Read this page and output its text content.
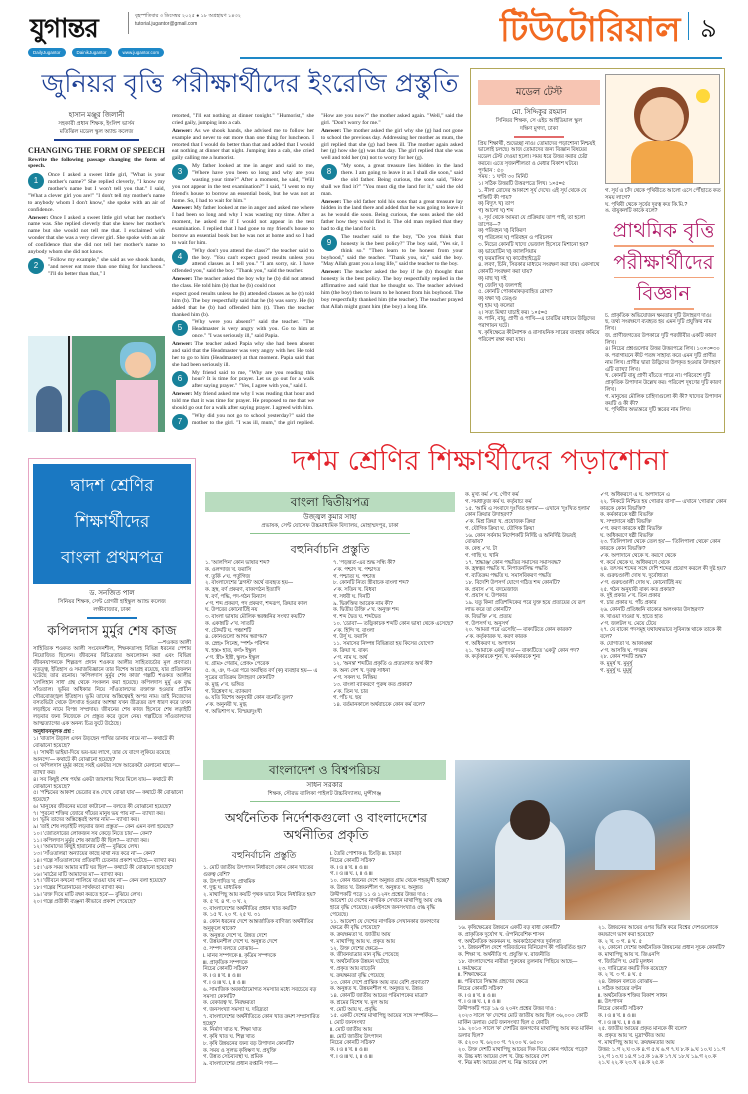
যুগান্তর	বৃহস্পতিবার ৩ ডিসেম্বর ২০২৫ ● ১৮ অগ্রহায়ণ ১৪৩২
tutorial.jugantor@gmail.com
DailyJugantor	DainikJugantor	www.jugantor.com
টিউটোরিয়াল ৯
জুনিয়র বৃত্তি পরীক্ষার্থীদের ইংরেজি প্রস্তুতি
হাসান মঞ্জুর জিলানী
সহকারী প্রধান শিক্ষক, ইংলিশ ভার্সন
মতিঝিল মডেল স্কুল অ্যান্ড কলেজ
CHANGING THE FORM OF SPEECH
Rewrite the following passage changing the form of speech.

1
Once I asked a sweet little girl, "What is your mother's name?" She replied cleverly, "I know my mother's name but I won't tell you that." I said, "What a clever girl you are!" "I don't tell my mother's name to anybody whom I don't know," she spoke with an air of confidence.

Answer: Once I asked a sweet little girl what her mother's name was. She replied cleverly that she knew her mother's name but she would not tell me that. I exclaimed with wonder that she was a very clever girl. She spoke with an air of confidence that she did not tell her mother's name to anybody whom she did not know.

2
"Follow my example," she said as we shook hands, "and never eat more than one thing for luncheon." "I'll do better than that," I

retorted, "I'll eat nothing at dinner tonight." "Humorist," she cried gaily, jumping into a cab.

Answer: As we shook hands, she advised me to follow her example and never to eat more than one thing for luncheon. I retorted that I would do better than that and added that I would eat nothing at dinner that night. Jumping into a cab, she cried gaily calling me a humorist.

3
My father looked at me in anger and said to me, "Where have you been so long and why are you wasting your time?" After a moment, he said, "Will you not appear in the test examination?" I said, "I went to my friend's house to borrow an essential book, but he was not at home. So, I had to wait for him."

Answer: My father looked at me in anger and asked me where I had been so long and why I was wasting my time. After a moment, he asked me if I would not appear in the test examination. I replied that I had gone to my friend's house to borrow an essential book but he was not at home and so I had to wait for him.

4
"Why don't you attend the class?" the teacher said to the boy. "You can't expect good results unless you attend classes as I tell you." "I am sorry, sir. I have offended you," said the boy. "Thank you," said the teacher.

Answer: The teacher asked the boy why he (b) did not attend the class. He told him (b) that he (b) could not

expect good results unless he (b) attended classes as he (t) told him (b). The boy respectfully said that he (b) was sorry. He (b) added that he (b) had offended him (t). Then the teacher thanked him (b).

5
"Why were you absent?" said the teacher. "The Headmaster is very angry with you. Go to him at once." "I was seriously ill," said Papia.

Answer: The teacher asked Papia why she had been absent and said that the Headmaster was very angry with her. He told her to go to him (Headmaster) at that moment. Papia said that she had been seriously ill.

6
My friend said to me, "Why are you reading this hour? It is time for prayer. Let us go out for a walk after saying prayer." "Yes, I agree with you," said I.

Answer: My friend asked me why I was reading that hour and told me that it was time for prayer. He proposed to me that we should go out for a walk after saying prayer. I agreed with him.

7
"Why did you not go to school yesterday?" said the mother to the girl. "I was ill, mum," the girl replied. "How are you now?" the mother asked again. "Well," said the girl. "Don't worry for me."

Answer: The mother asked the girl why she (g) had not gone to school the previous day. Addressing her mother as mum, the girl replied that she (g) had been ill. The mother again asked her (g) how she (g) was that day. The girl replied that she was well and told her (m) not to worry for her (g).

8
"My sons, a great treasure lies hidden in the land there. I am going to leave it as I shall die soon," said the old father. Being curious, the sons said, "How shall we find it?" "You must dig the land for it," said the old man.

Answer: The old father told his sons that a great treasure lay hidden in the land there and added that he was going to leave it as he would die soon. Being curious, the sons asked the old father how they would find it. The old man replied that they had to dig the land for it.

9
The teacher said to the boy, "Do you think that honesty is the best policy?" The boy said, "Yes sir, I think so." "Then learn to be honest from your boyhood," said the teacher. "Thank you, sir," said the boy. "May Allah grant you a long life," said the teacher to the boy.

Answer: The teacher asked the boy if he (b) thought that honesty is the best policy. The boy respectfully replied in the affirmative and said that he thought so. The teacher advised him (the boy) then to learn to be honest from his boyhood. The boy respectfully thanked him (the teacher). The teacher prayed that Allah might grant him (the boy) a long life.

মডেল টেস্ট
মো. সিদ্দিকুর রহমান
সিনিয়র শিক্ষক, সে এইচ আইডিয়াল স্কুল
দক্ষিণ মুগদা, ঢাকা
প্রিয় শিক্ষার্থী, শুভেচ্ছা নাও। তোমাদের পড়াশোনা নিশ্চয়ই ভালোই চলছে। আজ তোমাদের জন্য বিজ্ঞান বিষয়ের মডেল টেস্ট দেওয়া হলো। সময় ধরে উত্তর করার চেষ্টা করবে। এতে সৃজনশীলতা ও মেধার বিকাশ ঘটবে।
পূর্ণমান : ৫০
সময় : ১ ঘণ্টা ৩০ মিনিট
১। সঠিক উত্তরটি উত্তরপত্রে লিখ। ১×৫=৫
১. নীলা রোদের আকাশে সূর্য দেখে। এই সূর্য থেকে যে শক্তিটি কী পায়?
ক) বিদ্যুৎ খ) তাপ
গ) আলো ঘ) শব্দ
২. সূর্য থেকে আমরা যে প্রক্রিয়ায় তাপ পাই, তা হলো তাপের—?
ক) পরিবহন খ) বিকিরণ
গ) পরিচলন ঘ) পরিবহন ও পরিচলন
৩. নিচের কোনটি খাদ্যে ভেজাল হিসেবে মিশানো হয়?
ক) ভায়োটিন খ) ক্যালসিয়াম
গ) ফরমালিন ঘ) কার্বোহাইড্রেট
৪. লবণ, চিনি, সিরকার মাধ্যমে সংরক্ষণ করা যায়। একসাথে কোনটি সংরক্ষণ করা যায়?
ক) মাছ খ) দই
গ) জেলি ঘ) জলপাই
৫. কোনটি পোকামাকড়বাহিত রোগ?
ক) যক্ষা খ) ডেঙ্গু
গ) হাম ঘ) কলেরা
২। সত্য মিথ্যা যাচাই কর। ১×৫=৫
ক. পানি, বায়ু, প্রাণী ও পাখি—এ চারটির মাধ্যমে উদ্ভিদের পরাগায়ন ঘটে।
খ. কৃষিক্ষেত্রে কীটনাশক ও রাসায়নিক সারের ব্যবহার কমিয়ে পরিবেশ রক্ষা করা যায়।
গ. সূর্য ও চাঁদ থেকে পৃথিবীতে আলো এসে পৌঁছাতে কত সময় লাগে?
ঘ. পৃথিবী থেকে সূর্যের দূরত্ব কত কি.মি.?
ঙ. বায়ুকলটি কাকে বলে?
প্রাথমিক বৃত্তি
পরীক্ষার্থীদের
বিজ্ঞান
চ. প্রাকৃতিক অভিযোজন ক্ষমতার দুটি উদাহরণ দাও।
ছ. তথ্য সংরক্ষণে ব্যবহৃত হয় এমন দুটি প্রযুক্তির নাম লিখ।
জ. প্রাণীজগতের উপকারে দুটি পরজীবীর একটি কারণ লিখ।
৪। নিচের প্রশ্নগুলোর উত্তর উত্তরপত্রে লিখ। ১০×৩=৩০
ক. পরাগায়নে কীট পতঙ্গ সাহায্য করে এমন দুটি প্রাণীর নাম লিখ। প্রাণীর দ্বারা উদ্ভিদের উপকৃত হওয়ার উদাহরণ এটি ব্যাখ্যা লিখ।
খ. কোনটি বায়ু প্রাণী বাঁচতে পারে না। পরিবেশে দুটি প্রাকৃতিক উপাদান উল্লেখ কর। পরিবেশ দূষণের দুটি কারণ লিখ।
গ. মানুষের মৌলিক চাহিদাগুলো কী কী? খাদ্যের উপাদান কয়টি ও কী কী?
ঘ. পৃথিবীর অভ্যন্তরে দুটি স্তরের নাম লিখ।
দ্বাদশ শ্রেণির
শিক্ষার্থীদের
বাংলা প্রথমপত্র
ড. সনজিত পাল
সিনিয়র শিক্ষক, সেন্ট গ্রেগরী হাইস্কুল অ্যান্ড কলেজ
লক্ষীবাজার, ঢাকা
কপিলদাস মুর্মুর শেষ কাজ
—শওকত আলী
সাহিত্যিক শওকত আলী সংবেদনশীল, শিক্ষকতাসহ বিভিন্ন ধরনের পেশায় নিয়োজিত ছিলেন। জীবনের বিচিত্রতার অবলোকন করা এবং বিভিন্ন জীবনযাপনকে শিল্পরূপ প্রদান শওকত আলীর সাহিত্যচর্চার মূল প্রবণতা। নৃতত্ত্ব, ইতিহাস ও সমাজবিজ্ঞানে তার বিশেষ আগ্রহ রয়েছে, যার প্রতিফলন ঘটেছে তার রচনায়। 'কপিলদাস মুর্মুর শেষ কাজ' গল্পটি শওকত আলীর 'লেলিহান সাধ' গ্রন্থ থেকে সংকলন করা হয়েছে। কপিলদাস মুর্মু এক বৃদ্ধ সাঁওতাল। ভূমির অধিকার নিয়ে সাঁওতালদের রক্তাক্ত হওয়ার প্রাচীন গৌরবোজ্জ্বল ইতিহাস। ভূমি তাদের অস্তিত্বেরই অপর নাম। তাই নিজেদের বসতভিটা থেকে উৎখাত হওয়ার আশঙ্কা যখন তীব্রতর রূপ ধারণ করে তখন লড়াইয়ে নামে বিপন্ন সম্প্রদায়। জীবনের শেষ কাজ হিসেবে শেষ লড়াইটি লড়বার জন্য নিজেকে সে প্রস্তুত করে তুলে নেয়। গল্পটিতে সাঁওতালদের আত্মত্যাগের এক অনন্য চিত্র ফুটে উঠেছে।
অনুধাবনমূলক প্রশ্ন :
১। 'বাতাস উড়াল এখন উড়ছেন পাখির ডানায় নামে না'— কথাটে কী বোঝানো হয়েছে?
২। 'সাথবী ভাইয়া-দিয়ে ভয়-ভয় লাগে, তার যে বাগে লুকিয়ে রয়েছে আনন্দে'— কথাটে কী বোঝানো হয়েছে?
৩। 'কপিলদাস মুর্মুর কাছে সবই একটার সঙ্গে আরেকটা মেলানো থাকে'— ব্যাখ্যা কর।
৪। সব কিছুই শেষ পর্যন্ত একটা জায়গায় গিয়ে মিলে যায়— কথাটে কী বোঝানো হয়েছে?
৫। 'পশ্চিমের আকাশ ভেরোর রঙ দেখে বোঝা যায়'— কথাটে কী বোঝানো হয়েছে?
৬। 'মানুষের জীবনের মতো কাটানো'— বলতে কী বোঝানো হয়েছে?
৭। 'পুরনো শক্তির জোরে গাঁয়ের মানুষ ভয় পায় না'— ব্যাখ্যা কর।
৮। 'ভূমি তাদের অস্তিত্বেরই অপর নাম'— ব্যাখ্যা কর।
৯। 'তাই শেষ লড়াইটি লড়বার জন্য প্রস্তুত'— কেন এমন বলা হয়েছে?
১০। 'জোতদারের লোকজন সব কেড়ে নিতে চায়'— কেন?
১১। কপিলদাস মুর্মুর শেষ কাজটি কী ছিল?— ব্যাখ্যা কর।
১২। 'আমাদের কিছুই হারানোর নেই'— বুঝিয়ে লেখ।
১৩। 'সাঁওতালরা অন্যায়ের কাছে মাথা নত করে না'— কেন?
১৪। গল্পে সাঁওতালদের প্রতিবাদী চেতনার প্রকাশ ঘটেছে— ব্যাখ্যা কর।
১৫। 'এক সময় আমার মাটি ঘর ছিল'— কথাটে কী বোঝানো হয়েছে?
১৬। 'মাঠের মাটি আমাদের মা'— ব্যাখ্যা কর।
১৭। 'জীবনে কখনো পালিয়ে যাওয়া যায় না'— কেন বলা হয়েছে?
১৮। গল্পের শিরোনামের সার্থকতা ব্যাখ্যা কর।
১৯। 'রক্ত দিয়ে মাটি রক্ষা করতে হবে'— বুঝিয়ে লেখ।
২০। গল্পে প্রতীকী ব্যঞ্জনা কীভাবে প্রকাশ পেয়েছে?
দশম শ্রেণির শিক্ষার্থীদের পড়াশোনা
বাংলা দ্বিতীয়পত্র
উজ্জ্বল কুমার সাহা
প্রভাষক, সেন্ট যোসেফ উচ্চমাধ্যমিক বিদ্যালয়, মোহাম্মদপুর, ঢাকা
বহুনির্বাচনি প্রস্তুতি
১. 'আলপিন' কোন ভাষার শব্দ?
ক. ওলন্দাজ খ. ফরাসি
গ. তুর্কি ✓ঘ. পর্তুগিজ
২. বাংলাদেশের 'ব্লগস্ট' অর্থে ব্যবহৃত হয়—
ক. হ্রস্ব, বর্ণ প্রকরণ, বাক্যগঠন ইত্যাদি
খ. বর্ণ, পদ্ধি, পদ-গঠন বিন্যাস
✓গ. শব্দ প্রকরণ, পদ প্রকরণ, শব্দরূপ, ক্রিয়ার কাল
ঘ. উপরের কোনোটিই নয়
৩. বাংলা ভাষায় মৌলিক স্বরধ্বনির সংখ্যা কয়টি?
ক. একান্নটি ✓খ. সাতটি
গ. চৌদ্দটি ঘ. পঞ্চাশটি
৪. কোনগুলো আগম স্বরাগম?
ক. স্নেহ> সিনেহ, স্পর্শ> পরিশন
খ. হস্ত> হাত, কর্ণ> ইস্কুল
✓গ. স্ত্রী> ইস্ত্রী, স্কুল> ইস্কুল
ঘ. গ্রাম> গেরাম, প্রেক> পেরেক
৫. ঙ, ঞ, ণ-এর পরে অবস্থিত বর্ণ (ক) ব্যবহার হয়— এ সূত্রের ব্যতিক্রম উদাহরণ কোনটি?
ক. মুগ্ধ ✓খ. ভঙ্গিত
গ. বিশ্লেষণ ঘ. ব্যাকরণ
৬. যতি বিশেষ অনুযায়ী কোন বচনতি তুল?
✓ক. অনুনয়ী খ. মুগ্ধ
গ. অভিশাপ ঘ. বিস্ময়/দুঃখী
৭. 'পড়ন্ত্রত'-এর শুদ্ধ সন্ধি কী?
✓ক. পশ্চাৎ খ. পশ্চাৎত
গ. পশ্চাত্য ঘ. পশ্চাত্ত
৮. কোনটি নিত্য স্ত্রীবাচক বাংলা শব্দ?
✓ক. সতিন খ. বিধবা
গ. সধবী ঘ. দিনটি
৯. দ্বিরুক্তির আরেক নাম কী?
ক. দ্বিতীয় উক্তি ✓খ. অনুক্ত শব্দ
গ. শব্দ দ্বৈত ঘ. শব্দদ্বৈত
১০. 'ডোবা'— তদ্ভিকাচক শব্দটি কোন ভাষা থেকে এসেছে?
✓ক. হিন্দি খ. বাংলা
গ. উর্দু ঘ. ফরাসি
১১. সমাসের নিষ্পন্ন বিভিন্নতা হয় কিসের যোগে?
ক. ক্রিয়া খ. বাক্য
✓গ. নাম ঘ. অর্থ
১২. 'অনন্ত' শব্দটির প্রকৃতি ও প্রত্যয়গত অর্থ কী?
ক. অন্য দেশ খ. দূরত্ব সাধনা
✓গ. সকল ঘ. নিষ্ক্রিয়
১৩. বাংলা ব্যাকরণে পুরুষ কত প্রকার?
✓ক. তিন খ. চার
গ. পাঁচ ঘ. ছয়
১৪. বর্তমানকালে অর্থবাচকে কোন কর্ম বলে?
ক. মুখ্য কর্ম ✓খ. গৌণ কর্ম
গ. সমধাতুজ কর্ম ঘ. কর্তৃবাচ্য কর্ম
১৫. 'আমি এ সংবাদে দুঃখিত হলাম'— এখানে 'দুঃখিত হলাম' কোন ক্রিয়ার উদাহরণ?
✓ক. মিশ্র ক্রিয়া খ. প্রযোজক ক্রিয়া
গ. যৌগিক ক্রিয়া ঘ. যৌগিক ক্রিয়া
১৬. কোন সর্বনাম নির্দেশকটি নির্দিষ্ট ও অনির্দিষ্ট উভয়ই বোঝায়?
ক. কেহ ✓খ. টা
গ. গাছি ঘ. খানি
১৭. 'শ্রদ্ধাঞ্জ' কোন পদ্ধতির সমাসের সমাসবদ্ধ?
ক. হ্রস্বত্বর পদ্ধতি খ. নিপাতনসিদ্ধ পদ্ধতি
গ. ব্যতিক্রম পদ্ধতি ঘ. সমাসবিকরণ পদ্ধতি
১৮. বিদেশি উপসর্গ যোগে গঠিত শব্দ কোনটি?
ক. প্রবাস ✓খ. বদমেজাজ
গ. প্রয়াস ঘ. উপকার
১৯. যতু কিনা প্রতিশব্দিকের পরে যুক্ত হয়ে প্রত্যয়ের যে রূপ লাভ করে তা কোনটি?
ক. বিভক্তি ✓খ. প্রত্যয়
গ. উপসর্গ ঘ. অনুসর্গ
২০. 'আমরা পরে এসেছি'— বাক্যটিতে কোন কারক?
✓ক. কর্তৃকারক খ. করণ কারক
গ. অধিকরণ ঘ. অপাদান
২১. 'আমাকে একটু দাও'— বাক্যটিতে 'একটু' কোন পদ?
ক. কর্তৃকারকে শূন্য খ. কর্মকারকে শূন্য
✓গ. অধিকরণে এ ঘ. অপাদানে এ
২২. 'নিকটে নিশ্চিত হয় গোরার বাসা'— এখানে 'গোরার' কোন কারকে কোন বিভক্তি?
ক. কর্মকারকে ষষ্ঠী বিভক্তি
খ. সম্প্রদানে ষষ্ঠী বিভক্তি
✓গ. করণ কারকে ষষ্ঠী বিভক্তি
ঘ. অধিকরণে ষষ্ঠী বিভক্তি
২৩. 'তিলিপালা থেকে তেল হয়'— 'তিলিপালা থেকে' কোন কারকে কোন বিভক্তি?
✓ক. অপাদানে থেকে খ. করণে থেকে
গ. কর্মে থেকে ঘ. অধিকরণে থেকে
২৪. তৎসম শব্দের সঙ্গে দেশি শব্দের প্রয়োগ করলে কী দুষ্ট হয়?
ক. গুরুচণ্ডালী দোষ খ. দুর্বোধ্যতা
✓গ. গুরুচণ্ডালী দোষ ঘ. কোনোটিই নয়
২৫. গঠন অনুযায়ী বাক্য কত প্রকার?
ক. দুই প্রকার ✓খ. তিন প্রকার
গ. চার প্রকার ঘ. পাঁচ প্রকার
২৬. কোনটি প্রতিধ্বনি বাক্যের অলংকার উদাহরণ?
ক. খাওয়া দাওয়া খ. হাতে হাত
✓গ. জলটল ঘ. মেয়ে টেয়ে
২৭. যে বাক্যে পদসমূহ যথাযথভাবে সুবিন্যস্ত থাকে তাকে কী বলে?
ক. যোগ্যতা খ. আকাঙ্ক্ষা
✓গ. আসত্তি ঘ. পদক্রম
২৮. কোন শব্দটি শুদ্ধ?
ক. মুমূর্ষ খ. মুমূর্ষূ
গ. মুমূর্ষু ঘ. মুমুর্ষু
বাংলাদেশ ও বিশ্বপরিচয়
সাধন সরকার
শিক্ষক, সৌরভ বালিকা পাইলট উচ্চবিদ্যালয়, মুন্সীগঞ্জ
অর্থনৈতিক নির্দেশকগুলো ও বাংলাদেশের অর্থনীতির প্রকৃতি
বহুনির্বাচনি প্রস্তুতি
১. মোট জাতীয় উৎপাদন নির্ধারণে কোন কোন খাতের গুরুত্ব বেশি?
ক. উৎপাদিত খ. প্রাথমিক
গ. দুগ্ধ ঘ. মাধ্যমিক
২. মাথাপিছু আয় কয়টি পৃথক ভাবে নিয়ে নির্ধারিত হয়?
ক. ৫ খ. ৪ গ. ৩ ঘ. ২
৩. বাংলাদেশের অর্থনীতির প্রধান খাত কয়টি?
ক. ১৫ খ. ২০ গ. ২৫ ঘ. ৩১
৪. কোন ধরনের দেশে আন্তর্জাতিক বাণিজ্য অর্থনীতির অনুকূলে থাকে?
ক. অনুন্নত দেশে খ. উন্নত দেশে
গ. উন্নয়নশীল দেশে ঘ. অনুন্নত দেশে
৫. সম্পদ বলতে বোঝায়—
i. মানব সম্পদকে ii. কৃত্রিম সম্পদকে
iii. প্রাকৃতিক সম্পদকে
নিচের কোনটি সঠিক?
ক. i ও ii খ. ii ও iii
গ. i ও iii ঘ. i, ii ও iii
৬. সামাজিক অবকাঠামোগত সমস্যার মধ্যে সবচেয়ে বড় সমস্যা কোনটি?
ক. বেকারত্ব খ. নিরক্ষরতা
গ. জনসংখ্যা সমস্যা ঘ. দরিদ্রতা
৭. বাংলাদেশের অর্থনীতিতে কোন খাত ক্রমশ সম্প্রসারিত হচ্ছে?
ক. নির্মাণ খাত খ. শিক্ষা খাত
গ. কৃষি খাত ঘ. শিল্প খাত
৮. কৃষি উন্নয়নের জন্য বড় উপাদান কোনটি?
ক. সময় ও সুলভ কৃষিঋণ খ. প্রযুক্তি
গ. উন্নত সেচব্যবস্থা ঘ. শ্রমিক
৯. বাংলাদেশের প্রধান রপ্তানি পণ্য—
i. তৈরি পোশাক ii. চিংড়ি iii. চামড়া
নিচের কোনটি সঠিক?
ক. i ও ii খ. ii ও iii
গ. i ও iii ঘ. i, ii ও iii
১০. কোন ধরনের দেশে অনুন্নত গ্রাম থেকে শহরমুখী হচ্ছে?
ক. উন্নত খ. উন্নয়নশীল গ. অনুন্নত ঘ. অনুন্নত
উদ্দীপকটি পড়ে ১১ ও ১২নং প্রশ্নের উত্তর দাও :
আয়েশা যে দেশের নাগরিক সেখানে মাথাপিছু আয় ৫% হারে বৃদ্ধি পেয়েছে। একইসঙ্গে জনসংখ্যাও ৫% বৃদ্ধি পেয়েছে।
১১. আয়েশা যে দেশের নাগরিক সেখানকার জনগণের ক্ষেত্রে কী বৃদ্ধি পেয়েছে?
ক. ক্রয়ক্ষমতা খ. জাতীয় আয়
গ. মাথাপিছু আয় ঘ. প্রকৃত আয়
১২. উক্ত দেশের ক্ষেত্রে—
ক. জীবনযাত্রার মান বৃদ্ধি পেয়েছে
খ. অর্থনৈতিক উন্নয়ন ঘটেছে
গ. প্রকৃত আয় বাড়েনি
ঘ. ক্রয়ক্ষমতা বৃদ্ধি পেয়েছে
১৩. কোন দেশে প্রান্তিক আয় ব্যয় বেশি প্রবণতা?
ক. অনুন্নত খ. উন্নয়নশীল গ. অনুন্নত ঘ. উন্নত
১৪. কোনটি জাতীয় আয়ের পরিমাপকের মাত্রা?
ক. শ্রমের বিশেষ খ. মূল আয়
গ. মোট আয় ঘ. প্রবৃদ্ধি
১৫. একটি দেশের মাথাপিছু আয়ের সঙ্গে সম্পর্কিত—
i. মোট জনসংখ্যা
ii. মোট জাতীয় আয়
iii. মোট জাতীয় উৎপাদন
নিচের কোনটি সঠিক?
ক. i ও ii খ. ii ও iii
গ. i ও iii ঘ. i, ii ও iii
১৬. কৃষিক্ষেত্রের উন্নয়নে একটি বড় বাধা কোনটি?
ক. প্রাকৃতিক দুর্যোগ খ. ঔপনিবেশিক শাসন
গ. অর্থনৈতিক অবনমন ঘ. অবকাঠামোগত দুর্বলতা
১৭. উন্নয়নশীল দেশে পরিবর্তনের বিনিয়োগ কী পরিবর্তিত হয়?
ক. শিক্ষা খ. অর্থনীতি গ. প্রযুক্তি ঘ. রাজনীতি
১৮. বাংলাদেশের নারীরা পুরুষের তুলনায় পিছিয়ে আছে—
i. কর্মক্ষেত্রে
ii. শিক্ষাক্ষেত্রে
iii. পরিবারে সিদ্ধান্ত গ্রহণের ক্ষেত্রে
নিচের কোনটি সঠিক?
ক. i ও ii খ. ii ও iii
গ. i ও iii ঘ. i, ii ও iii
উদ্দীপকটি পড়ে ১৯ ও ২০নং প্রশ্নের উত্তর দাও :
২০২৩ সালে 'ক' দেশের মোট জাতীয় আয় ছিল ৩৬,০০০ কোটি মার্কিন ডলার। মোট জনসংখ্যা ছিল ৫ কোটি।
১৯. ২০১০ সালে 'ক' দেশটির জনগণের মাথাপিছু আয় কত মার্কিন ডলার ছিল?
ক. ৫২০০ খ. ৬২০০ গ. ৭২০০ ঘ. ৬৫০০
২০. উক্ত দেশটি মাথাপিছু আয়ের দিক দিয়ে কোন পর্যায়ে পড়ে?
ক. উচ্চ মধ্য আয়ের দেশ খ. উচ্চ আয়ের দেশ
গ. নিম্ন মধ্য আয়ের দেশ ঘ. নিম্ন আয়ের দেশ
২১. উন্নয়নের আয়ের ওপর ভিত্তি করে বিশ্বের দেশগুলোকে কয়ভাগে ভাগ করা হয়েছে?
ক. ২ খ. ৩ গ. ৪ ঘ. ৫
২২. কোনো দেশের অর্থনৈতিক উন্নয়নের প্রধান সূচক কোনটি?
ক. মাথাপিছু আয় খ. জিএনপি
গ. জিডিপি ঘ. মোট মূলধন
২৩. দারিদ্র্যের কয়টি দিক রয়েছে?
ক. ২ খ. ৩ গ. ৪ ঘ. ৫
২৪. উন্নয়ন বলতে বোঝায়—
i. সঠিক আয়ের বণ্টন
ii. অর্থনৈতিক শক্তির বিকাশ সাধন
iii. উৎপাদন
নিচের কোনটি সঠিক?
ক. i ও ii খ. ii ও iii
গ. i ও iii ঘ. i, ii ও iii
২৫. জাতীয় আয়ের প্রকৃত মানকে কী বলে?
ক. প্রকৃত আয় খ. মুদ্রাস্ফীত আয়
গ. মাথাপিছু আয় ঘ. ক্রয়ক্ষমতার আয়
উত্তর: ১.গ ২.ঘ ৩.ক ৪.গ ৫.ঘ ৬.গ ৭.ঘ ৮.ক ৯.ঘ ১০.ঘ ১১.গ ১২.গ ১৩.ঘ ১৪.গ ১৫.ক ১৬.ক ১৭.ঘ ১৮.ঘ ১৯.গ ২০.ক ২১.ঘ ২২.ক ২৩.খ ২৪.ক ২৫.ক
